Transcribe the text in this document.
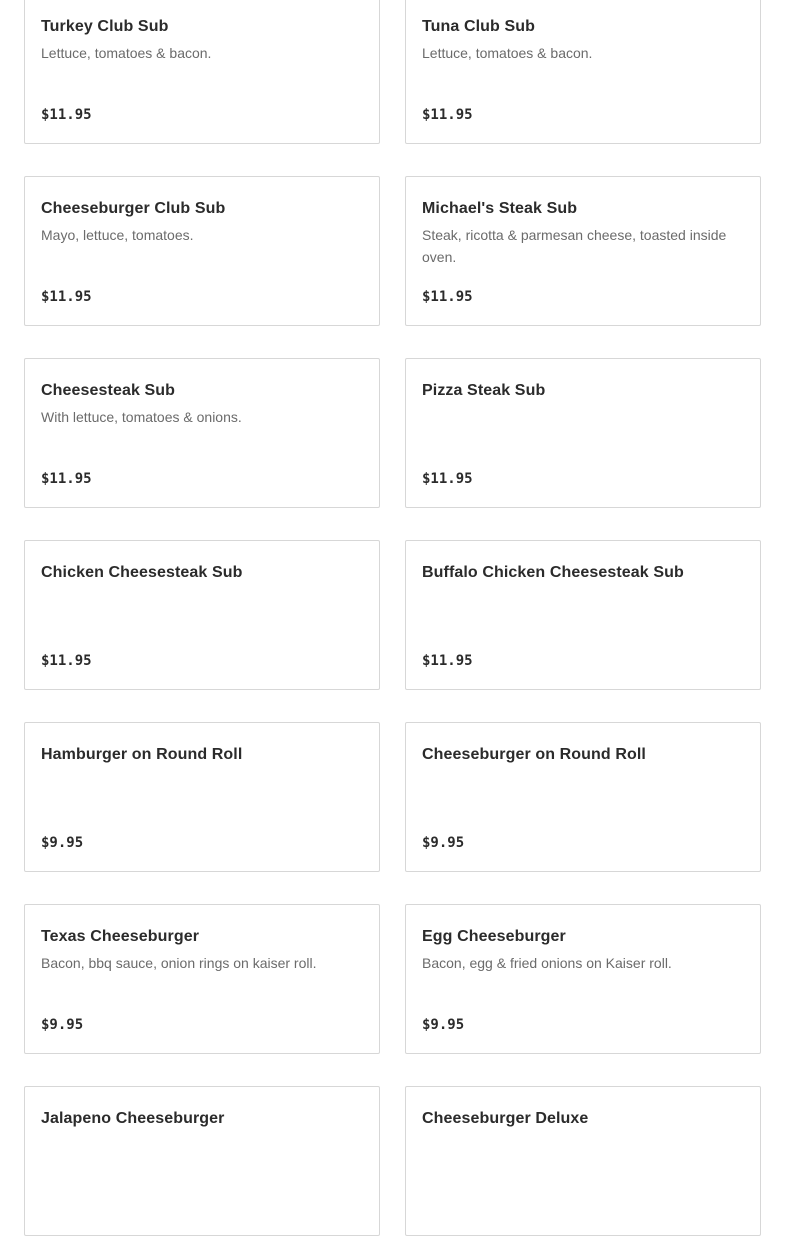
Turkey Club Sub
Lettuce, tomatoes & bacon.
$11.95
Tuna Club Sub
Lettuce, tomatoes & bacon.
$11.95
Cheeseburger Club Sub
Mayo, lettuce, tomatoes.
$11.95
Michael's Steak Sub
Steak, ricotta & parmesan cheese, toasted inside oven.
$11.95
Cheesesteak Sub
With lettuce, tomatoes & onions.
$11.95
Pizza Steak Sub
$11.95
Chicken Cheesesteak Sub
$11.95
Buffalo Chicken Cheesesteak Sub
$11.95
Hamburger on Round Roll
$9.95
Cheeseburger on Round Roll
$9.95
Texas Cheeseburger
Bacon, bbq sauce, onion rings on kaiser roll.
$9.95
Egg Cheeseburger
Bacon, egg & fried onions on Kaiser roll.
$9.95
Jalapeno Cheeseburger	Cheeseburger Deluxe
